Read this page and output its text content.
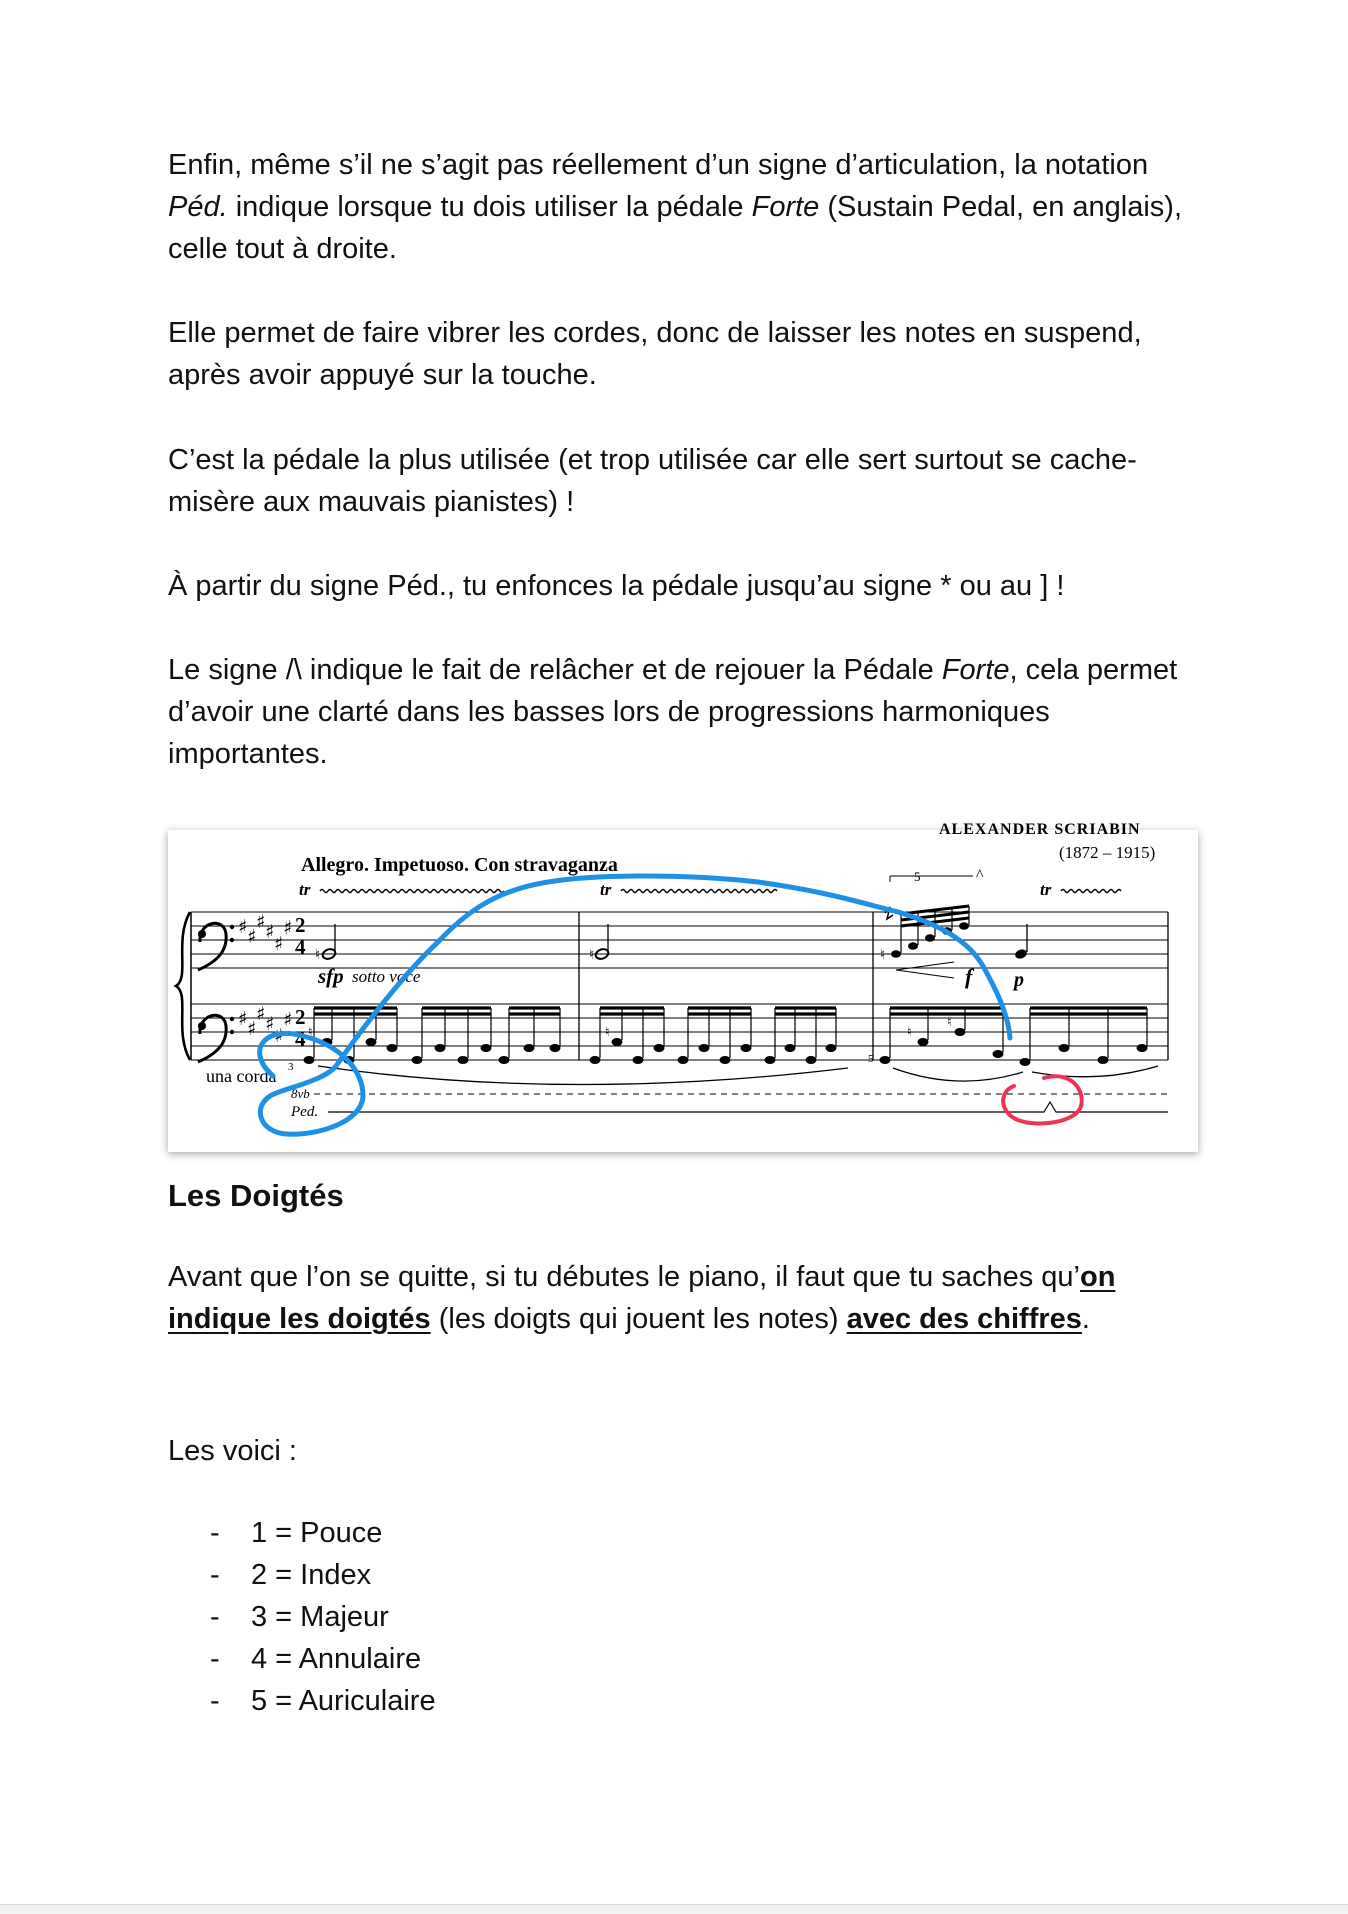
Enfin, même s’il ne s’agit pas réellement d’un signe d’articulation, la notation Péd. indique lorsque tu dois utiliser la pédale Forte (Sustain Pedal, en anglais), celle tout à droite.

Elle permet de faire vibrer les cordes, donc de laisser les notes en suspend, après avoir appuyé sur la touche.

C’est la pédale la plus utilisée (et trop utilisée car elle sert surtout se cache-misère aux mauvais pianistes) !

À partir du signe Péd., tu enfonces la pédale jusqu’au signe * ou au ] !

Le signe /\ indique le fait de relâcher et de rejouer la Pédale Forte, cela permet d’avoir une clarté dans les basses lors de progressions harmoniques importantes.

ALEXANDER SCRIABIN
(1872 – 1915)
Allegro. Impetuoso. Con stravaganza
tr	tr	tr
♯ ♯
♯ ♯
♯
♯
♯ ♯
♯ ♯
♯
♯
2
4
2
4
♮	♮
sfp sotto voce
5	^
♮
f p
♮	♮	♮
♮
3
5
una corda
8vb
Ped.
Les Doigtés

Avant que l’on se quitte, si tu débutes le piano, il faut que tu saches qu’on indique les doigtés (les doigts qui jouent les notes) avec des chiffres.

Les voici :

- 1 = Pouce
- 2 = Index
- 3 = Majeur
- 4 = Annulaire
- 5 = Auriculaire
